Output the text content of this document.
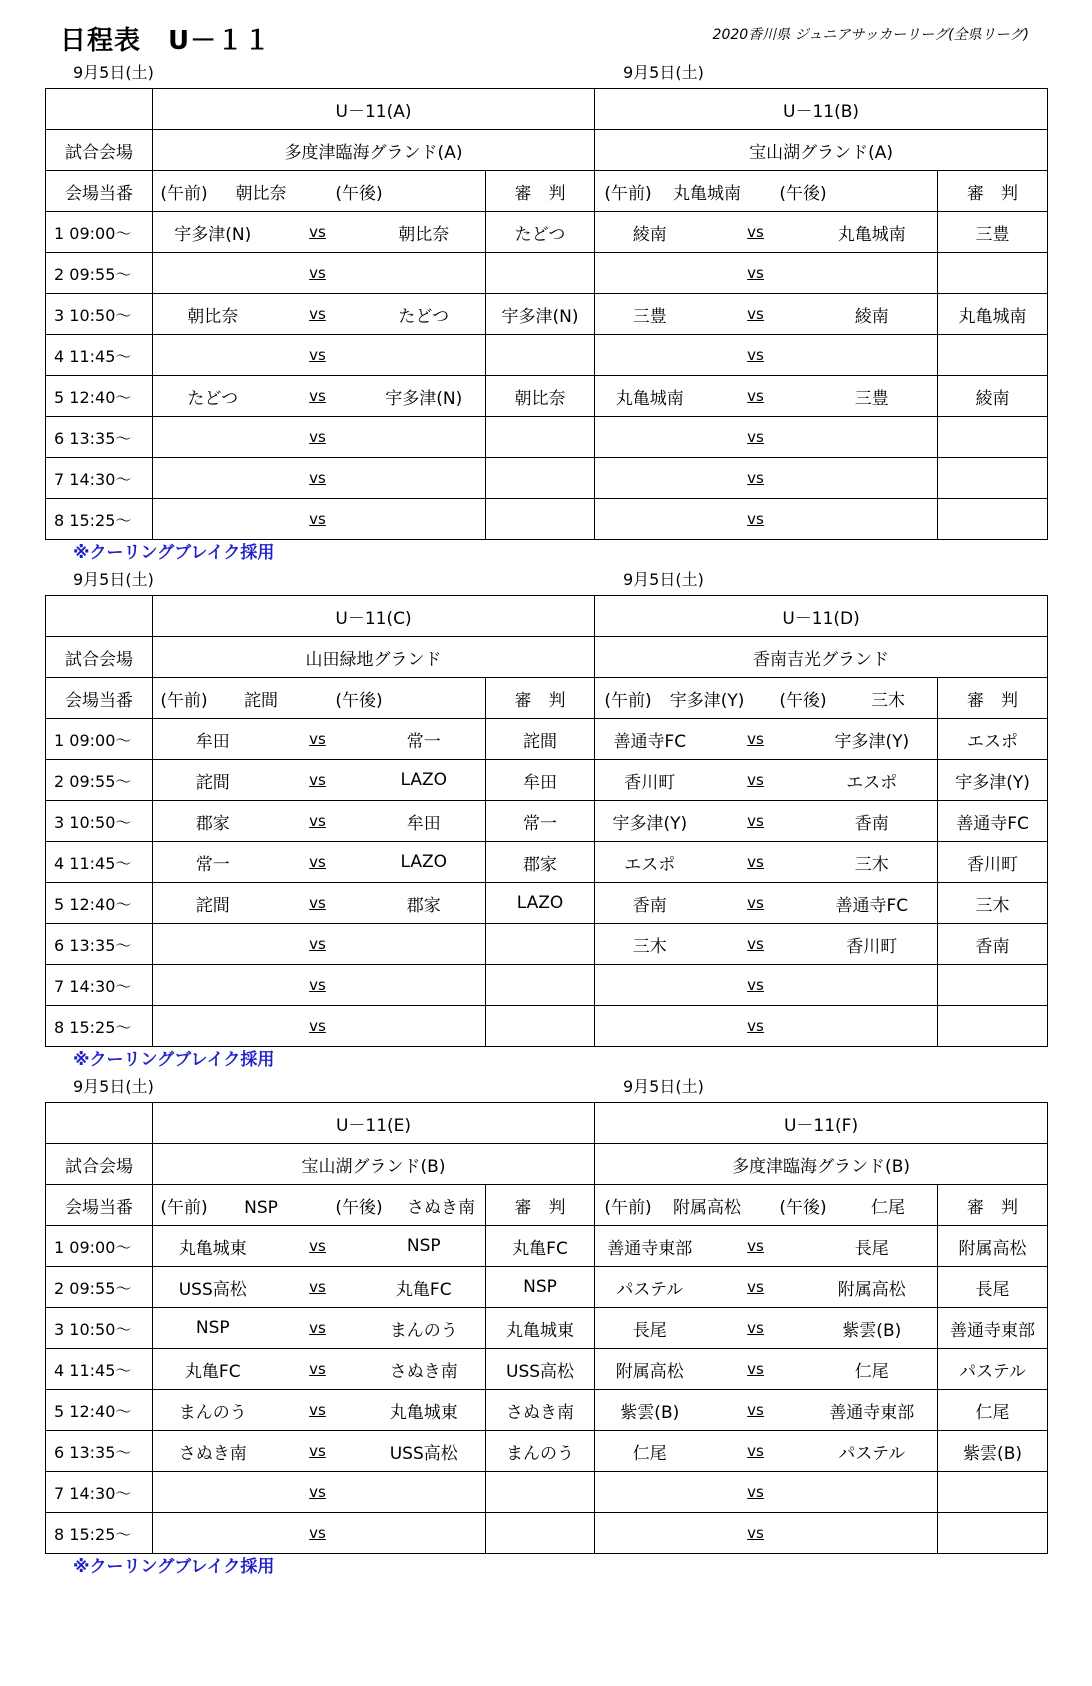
日程表　U－１１	2020香川県 ジュニアサッカーリーグ(全県リーグ)
9月5日(土)	9月5日(土)
	U－11(A)				U－11(B)			
試合会場	多度津臨海グランド(A)				宝山湖グランド(A)			
会場当番	(午前) 朝比奈 (午後)			審　判	(午前) 丸亀城南 (午後)			審　判
1 09:00～	宇多津(N)	vs	朝比奈	たどつ	綾南	vs	丸亀城南	三豊
2 09:55～		vs				vs		
3 10:50～	朝比奈	vs	たどつ	宇多津(N)	三豊	vs	綾南	丸亀城南
4 11:45～		vs				vs		
5 12:40～	たどつ	vs	宇多津(N)	朝比奈	丸亀城南	vs	三豊	綾南
6 13:35～		vs				vs		
7 14:30～		vs				vs		
8 15:25～		vs				vs		
※クーリングブレイク採用
9月5日(土)	9月5日(土)
	U－11(C)				U－11(D)			
試合会場	山田緑地グランド				香南吉光グランド			
会場当番	(午前) 詫間 (午後)			審　判	(午前) 宇多津(Y) (午後) 三木			審　判
1 09:00～	牟田	vs	常一	詫間	善通寺FC	vs	宇多津(Y)	エスポ
2 09:55～	詫間	vs	LAZO	牟田	香川町	vs	エスポ	宇多津(Y)
3 10:50～	郡家	vs	牟田	常一	宇多津(Y)	vs	香南	善通寺FC
4 11:45～	常一	vs	LAZO	郡家	エスポ	vs	三木	香川町
5 12:40～	詫間	vs	郡家	LAZO	香南	vs	善通寺FC	三木
6 13:35～		vs			三木	vs	香川町	香南
7 14:30～		vs				vs		
8 15:25～		vs				vs		
※クーリングブレイク採用
9月5日(土)	9月5日(土)
	U－11(E)				U－11(F)			
試合会場	宝山湖グランド(B)				多度津臨海グランド(B)			
会場当番	(午前) NSP (午後) さぬき南			審　判	(午前) 附属高松 (午後) 仁尾			審　判
1 09:00～	丸亀城東	vs	NSP	丸亀FC	善通寺東部	vs	長尾	附属高松
2 09:55～	USS高松	vs	丸亀FC	NSP	パステル	vs	附属高松	長尾
3 10:50～	NSP	vs	まんのう	丸亀城東	長尾	vs	紫雲(B)	善通寺東部
4 11:45～	丸亀FC	vs	さぬき南	USS高松	附属高松	vs	仁尾	パステル
5 12:40～	まんのう	vs	丸亀城東	さぬき南	紫雲(B)	vs	善通寺東部	仁尾
6 13:35～	さぬき南	vs	USS高松	まんのう	仁尾	vs	パステル	紫雲(B)
7 14:30～		vs				vs		
8 15:25～		vs				vs		
※クーリングブレイク採用
